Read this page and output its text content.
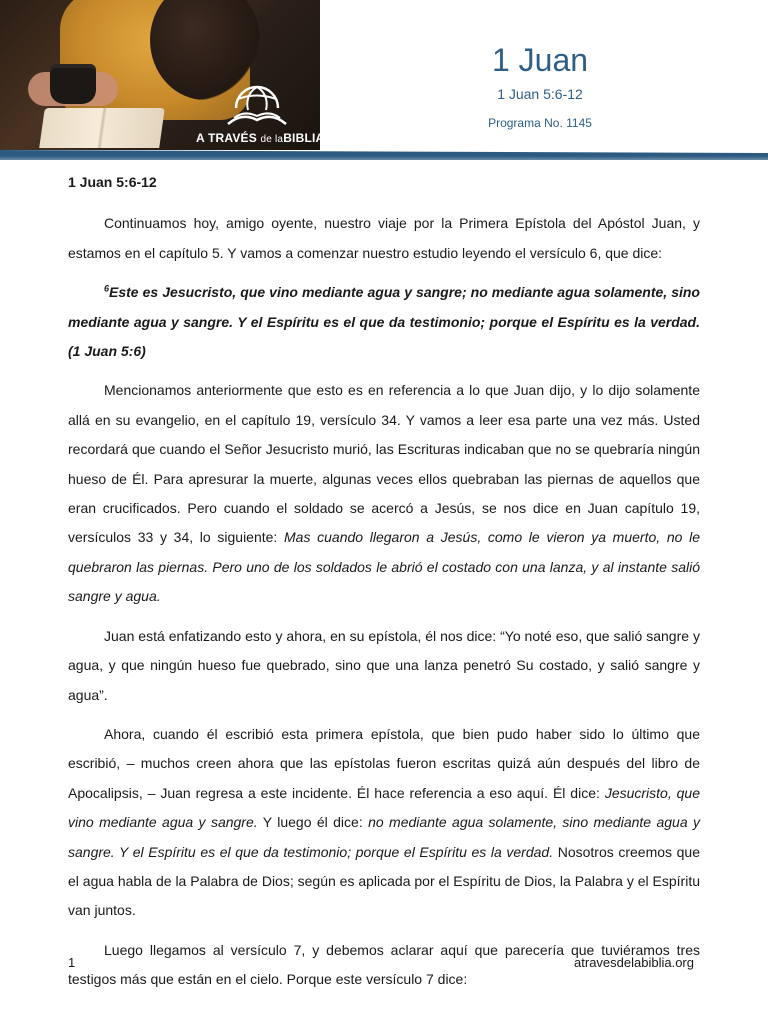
A TRAVÉS de laBIBLIA
1 Juan
1 Juan 5:6-12
Programa No. 1145

1 Juan 5:6-12

Continuamos hoy, amigo oyente, nuestro viaje por la Primera Epístola del Apóstol Juan, y estamos en el capítulo 5. Y vamos a comenzar nuestro estudio leyendo el versículo 6, que dice:

$^6$Este es Jesucristo, que vino mediante agua y sangre; no mediante agua solamente, sino mediante agua y sangre. Y el Espíritu es el que da testimonio; porque el Espíritu es la verdad. (1 Juan 5:6)

Mencionamos anteriormente que esto es en referencia a lo que Juan dijo, y lo dijo solamente allá en su evangelio, en el capítulo 19, versículo 34. Y vamos a leer esa parte una vez más. Usted recordará que cuando el Señor Jesucristo murió, las Escrituras indicaban que no se quebraría ningún hueso de Él. Para apresurar la muerte, algunas veces ellos quebraban las piernas de aquellos que eran crucificados. Pero cuando el soldado se acercó a Jesús, se nos dice en Juan capítulo 19, versículos 33 y 34, lo siguiente: Mas cuando llegaron a Jesús, como le vieron ya muerto, no le quebraron las piernas. Pero uno de los soldados le abrió el costado con una lanza, y al instante salió sangre y agua.

Juan está enfatizando esto y ahora, en su epístola, él nos dice: “Yo noté eso, que salió sangre y agua, y que ningún hueso fue quebrado, sino que una lanza penetró Su costado, y salió sangre y agua”.

Ahora, cuando él escribió esta primera epístola, que bien pudo haber sido lo último que escribió, – muchos creen ahora que las epístolas fueron escritas quizá aún después del libro de Apocalipsis, – Juan regresa a este incidente. Él hace referencia a eso aquí. Él dice: Jesucristo, que vino mediante agua y sangre. Y luego él dice: no mediante agua solamente, sino mediante agua y sangre. Y el Espíritu es el que da testimonio; porque el Espíritu es la verdad. Nosotros creemos que el agua habla de la Palabra de Dios; según es aplicada por el Espíritu de Dios, la Palabra y el Espíritu van juntos.

Luego llegamos al versículo 7, y debemos aclarar aquí que parecería que tuviéramos tres testigos más que están en el cielo. Porque este versículo 7 dice:

1	atravesdelabiblia.org
